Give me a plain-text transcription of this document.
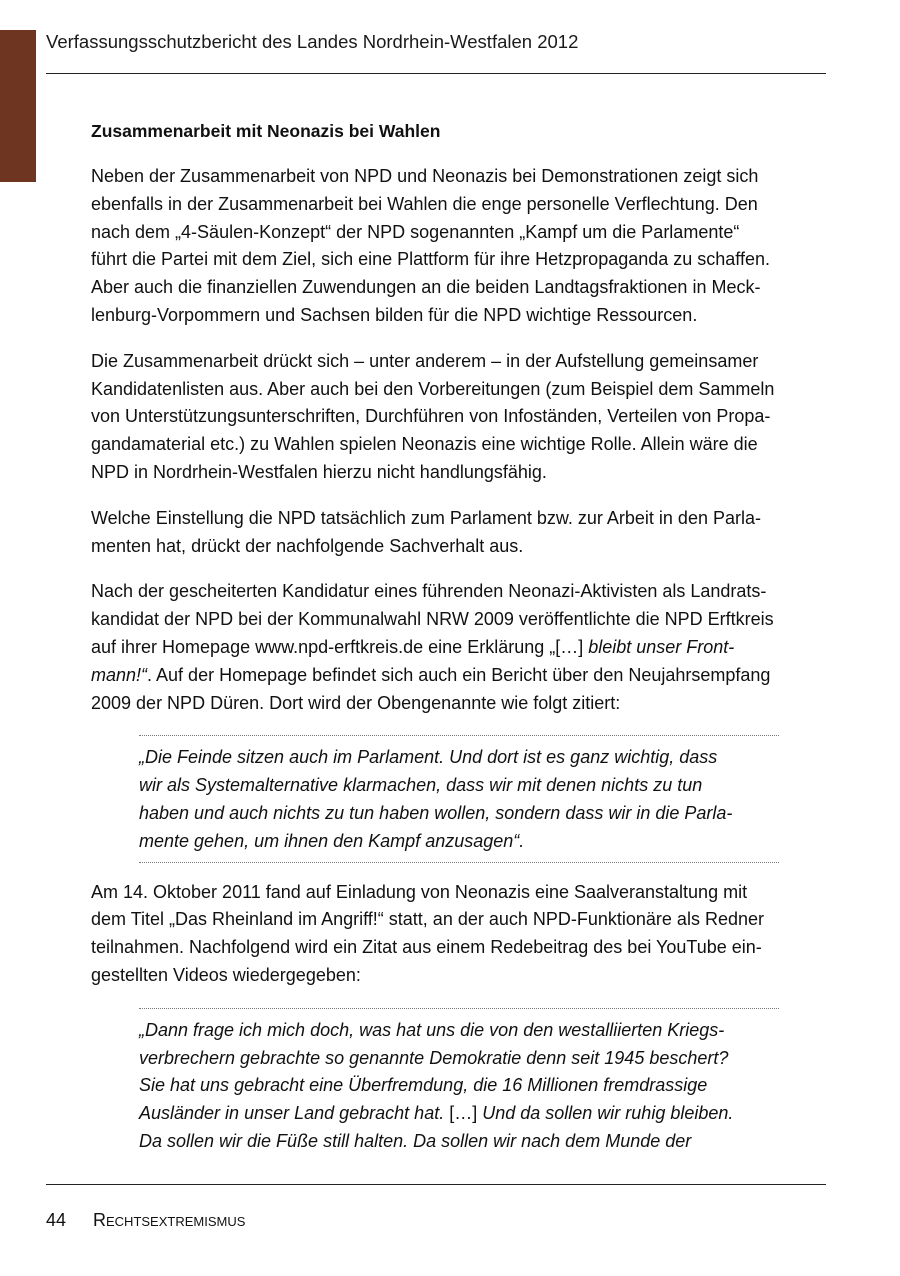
Verfassungsschutzbericht des Landes Nordrhein-Westfalen 2012
Zusammenarbeit mit Neonazis bei Wahlen
Neben der Zusammenarbeit von NPD und Neonazis bei Demonstrationen zeigt sich
ebenfalls in der Zusammenarbeit bei Wahlen die enge personelle Verflechtung. Den
nach dem „4-Säulen-Konzept“ der NPD sogenannten „Kampf um die Parlamente“
führt die Partei mit dem Ziel, sich eine Plattform für ihre Hetzpropaganda zu schaffen.
Aber auch die finanziellen Zuwendungen an die beiden Landtagsfraktionen in Meck-
lenburg-Vorpommern und Sachsen bilden für die NPD wichtige Ressourcen.
Die Zusammenarbeit drückt sich – unter anderem – in der Aufstellung gemeinsamer
Kandidatenlisten aus. Aber auch bei den Vorbereitungen (zum Beispiel dem Sammeln
von Unterstützungsunterschriften, Durchführen von Infoständen, Verteilen von Propa-
gandamaterial etc.) zu Wahlen spielen Neonazis eine wichtige Rolle. Allein wäre die
NPD in Nordrhein-Westfalen hierzu nicht handlungsfähig.
Welche Einstellung die NPD tatsächlich zum Parlament bzw. zur Arbeit in den Parla-
menten hat, drückt der nachfolgende Sachverhalt aus.
Nach der gescheiterten Kandidatur eines führenden Neonazi-Aktivisten als Landrats-
kandidat der NPD bei der Kommunalwahl NRW 2009 veröffentlichte die NPD Erftkreis
auf ihrer Homepage www.npd-erftkreis.de eine Erklärung „[…] bleibt unser Front-
mann!“. Auf der Homepage befindet sich auch ein Bericht über den Neujahrsempfang
2009 der NPD Düren. Dort wird der Obengenannte wie folgt zitiert:
„Die Feinde sitzen auch im Parlament. Und dort ist es ganz wichtig, dass
wir als Systemalternative klarmachen, dass wir mit denen nichts zu tun
haben und auch nichts zu tun haben wollen, sondern dass wir in die Parla-
mente gehen, um ihnen den Kampf anzusagen“.
Am 14. Oktober 2011 fand auf Einladung von Neonazis eine Saalveranstaltung mit
dem Titel „Das Rheinland im Angriff!“ statt, an der auch NPD-Funktionäre als Redner
teilnahmen. Nachfolgend wird ein Zitat aus einem Redebeitrag des bei YouTube ein-
gestellten Videos wiedergegeben:
„Dann frage ich mich doch, was hat uns die von den westalliierten Kriegs-
verbrechern gebrachte so genannte Demokratie denn seit 1945 beschert?
Sie hat uns gebracht eine Überfremdung, die 16 Millionen fremdrassige
Ausländer in unser Land gebracht hat. […] Und da sollen wir ruhig bleiben.
Da sollen wir die Füße still halten. Da sollen wir nach dem Munde der
44 Rechtsextremismus
